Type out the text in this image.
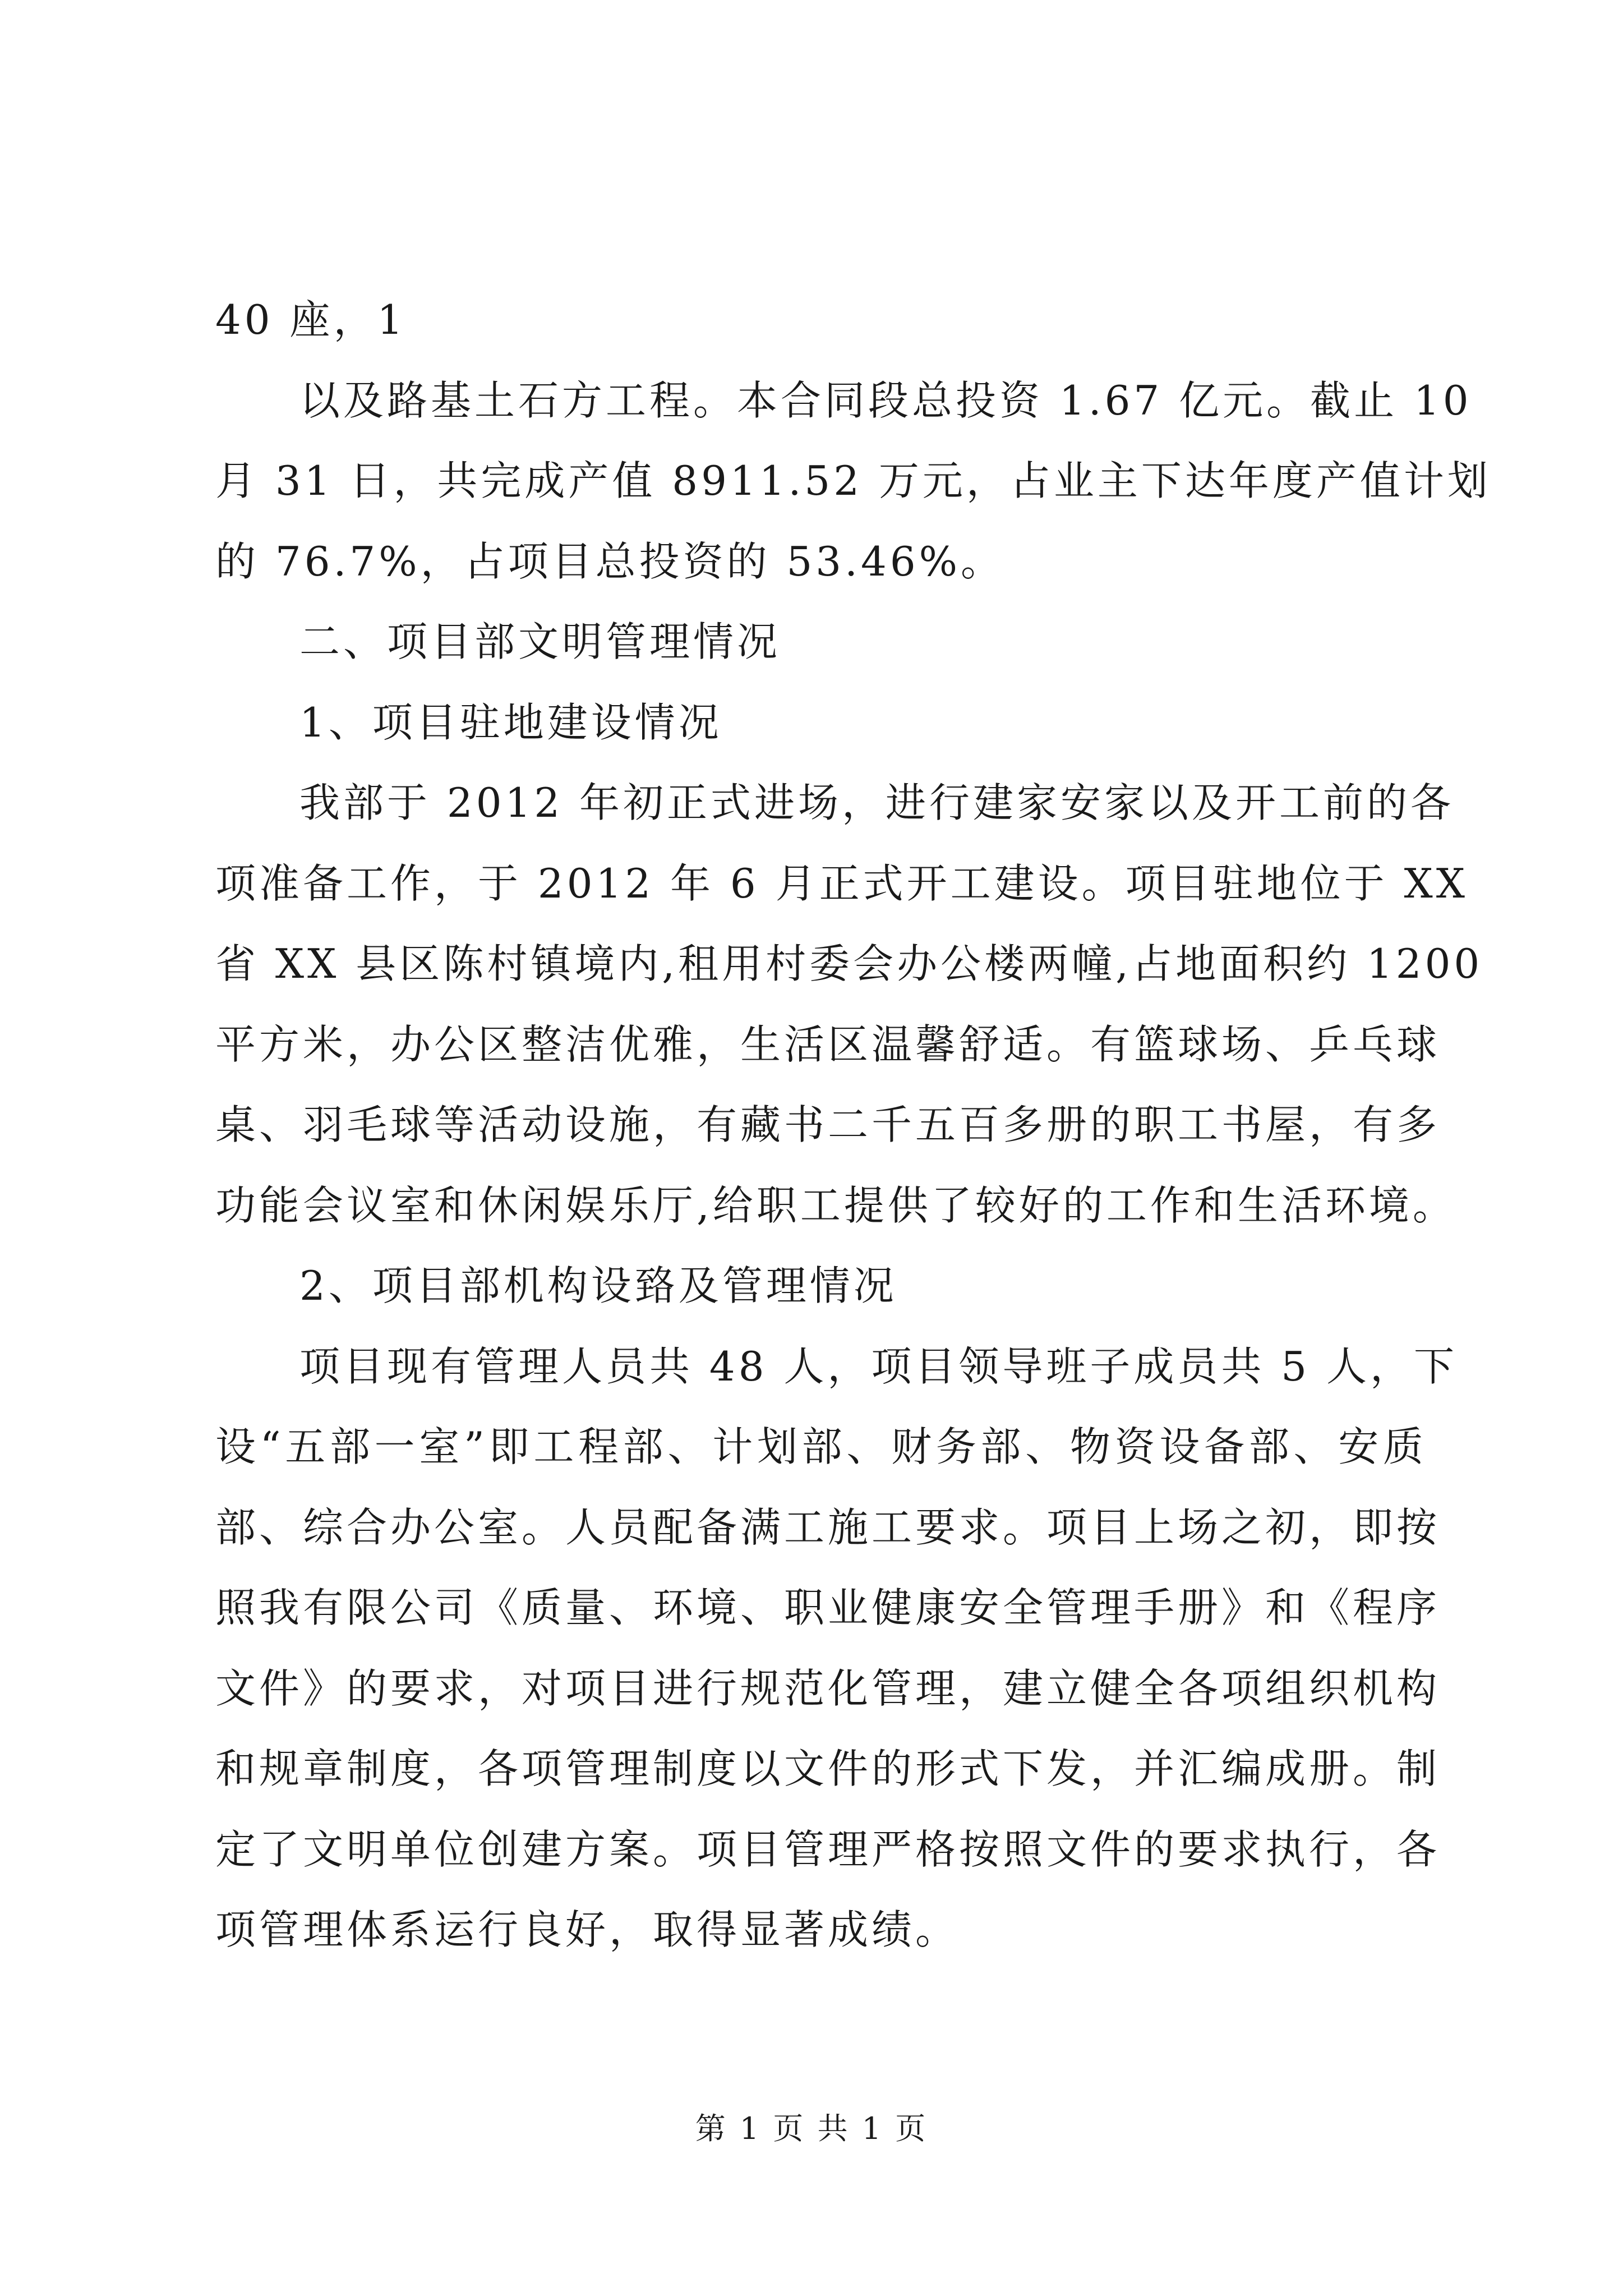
40 座，1
以及路基土石方工程。本合同段总投资 1.67 亿元。截止 10
月 31 日，共完成产值 8911.52 万元，占业主下达年度产值计划
的 76.7%，占项目总投资的 53.46%。
二、项目部文明管理情况
1、项目驻地建设情况
我部于 2012 年初正式进场，进行建家安家以及开工前的各
项准备工作，于 2012 年 6 月正式开工建设。项目驻地位于 XX
省 XX 县区陈村镇境内,租用村委会办公楼两幢,占地面积约 1200
平方米，办公区整洁优雅，生活区温馨舒适。有篮球场、乒乓球
桌、羽毛球等活动设施，有藏书二千五百多册的职工书屋，有多
功能会议室和休闲娱乐厅,给职工提供了较好的工作和生活环境。
2、项目部机构设臵及管理情况
项目现有管理人员共 48 人，项目领导班子成员共 5 人，下
设“五部一室”即工程部、计划部、财务部、物资设备部、安质
部、综合办公室。人员配备满工施工要求。项目上场之初，即按
照我有限公司《质量、环境、职业健康安全管理手册》和《程序
文件》的要求，对项目进行规范化管理，建立健全各项组织机构
和规章制度，各项管理制度以文件的形式下发，并汇编成册。制
定了文明单位创建方案。项目管理严格按照文件的要求执行，各
项管理体系运行良好，取得显著成绩。
第 1 页 共 1 页
